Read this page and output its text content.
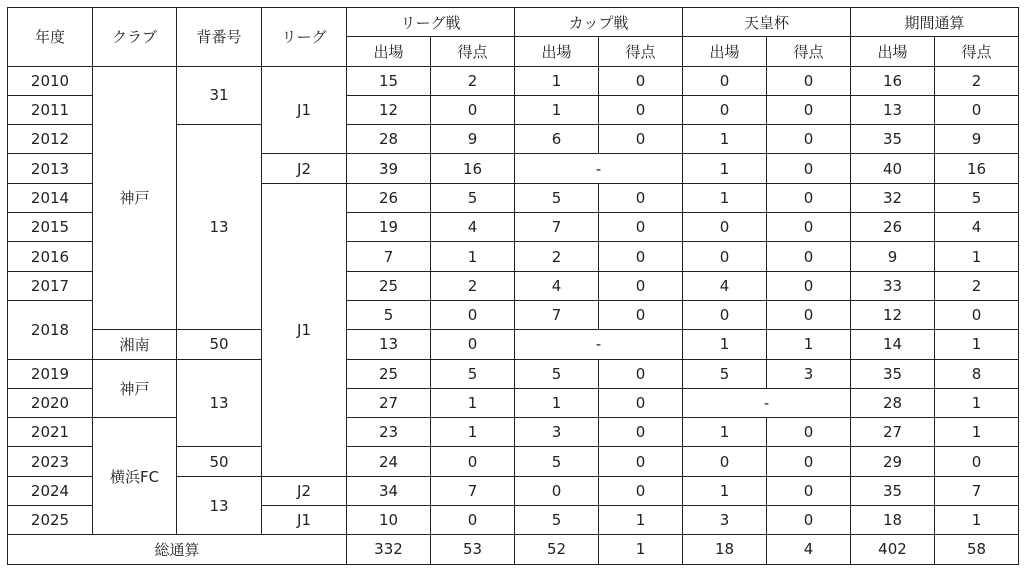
年度	クラブ	背番号	リーグ	リーグ戦		カップ戦		天皇杯		期間通算	
				出場	得点	出場	得点	出場	得点	出場	得点
2010	神戸	31	J1	15	2	1	0	0	0	16	2
2011				12	0	1	0	0	0	13	0
2012		13		28	9	6	0	1	0	35	9
2013			J2	39	16	-		1	0	40	16
2014			J1	26	5	5	0	1	0	32	5
2015				19	4	7	0	0	0	26	4
2016				7	1	2	0	0	0	9	1
2017				25	2	4	0	4	0	33	2
2018				5	0	7	0	0	0	12	0
	湘南	50		13	0	-		1	1	14	1
2019	神戸	13		25	5	5	0	5	3	35	8
2020				27	1	1	0	-		28	1
2021	横浜FC			23	1	3	0	1	0	27	1
2023		50		24	0	5	0	0	0	29	0
2024		13	J2	34	7	0	0	1	0	35	7
2025			J1	10	0	5	1	3	0	18	1
総通算				332	53	52	1	18	4	402	58
